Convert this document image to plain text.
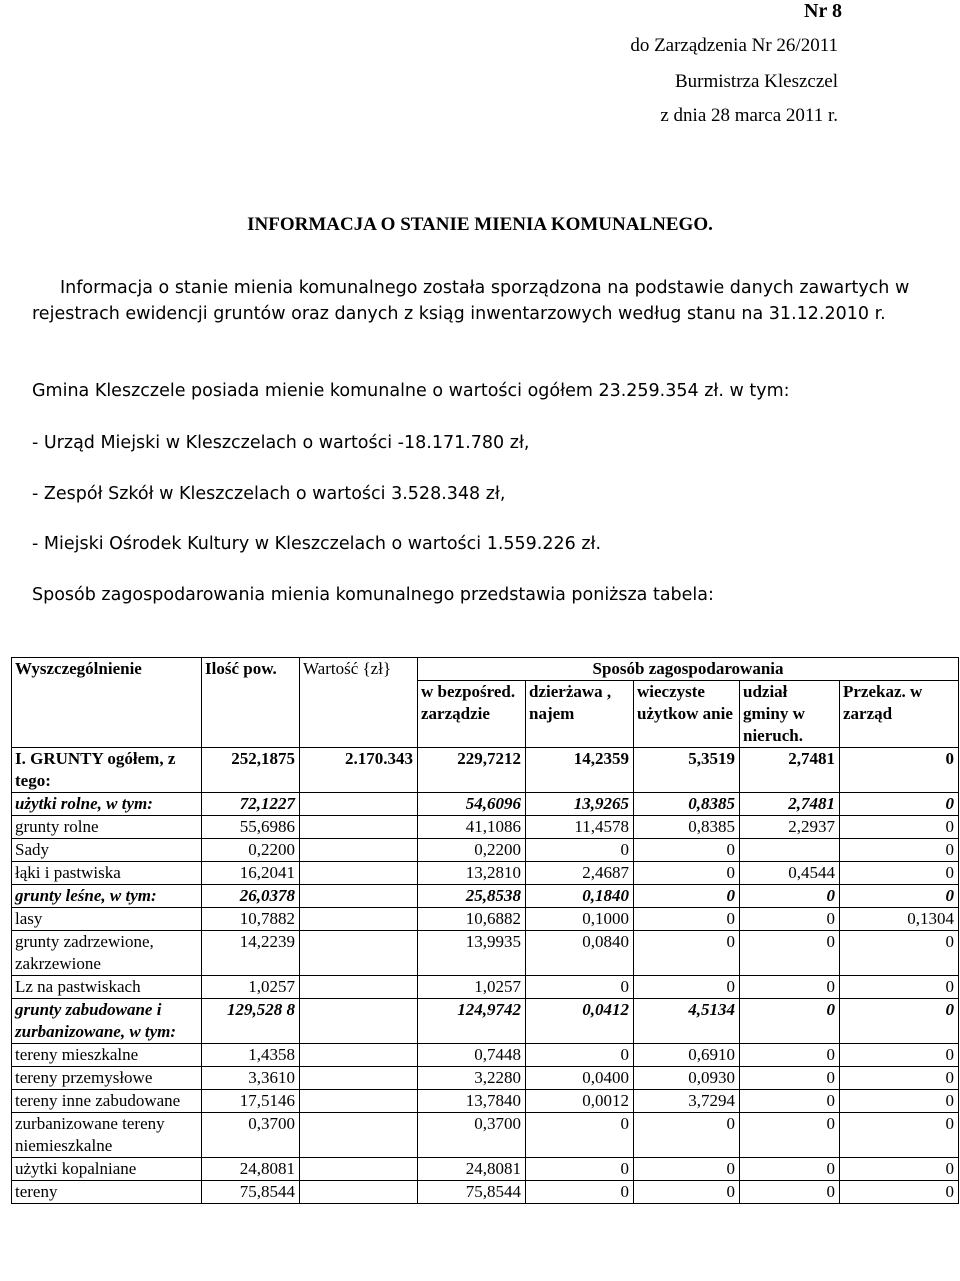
Nr 8
do Zarządzenia Nr 26/2011
Burmistrza Kleszczel
z dnia 28 marca 2011 r.
INFORMACJA O STANIE MIENIA KOMUNALNEGO.
Informacja o stanie mienia komunalnego została sporządzona na podstawie danych zawartych w rejestrach ewidencji gruntów oraz danych z ksiąg inwentarzowych według stanu na 31.12.2010 r.
Gmina Kleszczele posiada mienie komunalne o wartości ogółem 23.259.354 zł. w tym:
- Urząd Miejski w Kleszczelach o wartości -18.171.780 zł,
- Zespół Szkół w Kleszczelach o wartości 3.528.348 zł,
- Miejski Ośrodek Kultury w Kleszczelach o wartości 1.559.226 zł.
Sposób zagospodarowania mienia komunalnego przedstawia poniższa tabela:
Wyszczególnienie	Ilość pow.	Wartość {zł}	Sposób zagospodarowania				
			w bezpośred. zarządzie	dzierżawa , najem	wieczyste użytkow anie	udział gminy w nieruch.	Przekaz. w zarząd
I. GRUNTY ogółem, z tego:	252,1875	2.170.343	229,7212	14,2359	5,3519	2,7481	0
użytki rolne, w tym:	72,1227		54,6096	13,9265	0,8385	2,7481	0
grunty rolne	55,6986		41,1086	11,4578	0,8385	2,2937	0
Sady	0,2200		0,2200	0	0		0
łąki i pastwiska	16,2041		13,2810	2,4687	0	0,4544	0
grunty leśne, w tym:	26,0378		25,8538	0,1840	0	0	0
lasy	10,7882		10,6882	0,1000	0	0	0,1304
grunty zadrzewione, zakrzewione	14,2239		13,9935	0,0840	0	0	0
Lz na pastwiskach	1,0257		1,0257	0	0	0	0
grunty zabudowane i zurbanizowane, w tym:	129,528 8		124,9742	0,0412	4,5134	0	0
tereny mieszkalne	1,4358		0,7448	0	0,6910	0	0
tereny przemysłowe	3,3610		3,2280	0,0400	0,0930	0	0
tereny inne zabudowane	17,5146		13,7840	0,0012	3,7294	0	0
zurbanizowane tereny niemieszkalne	0,3700		0,3700	0	0	0	0
użytki kopalniane	24,8081		24,8081	0	0	0	0
tereny	75,8544		75,8544	0	0	0	0
